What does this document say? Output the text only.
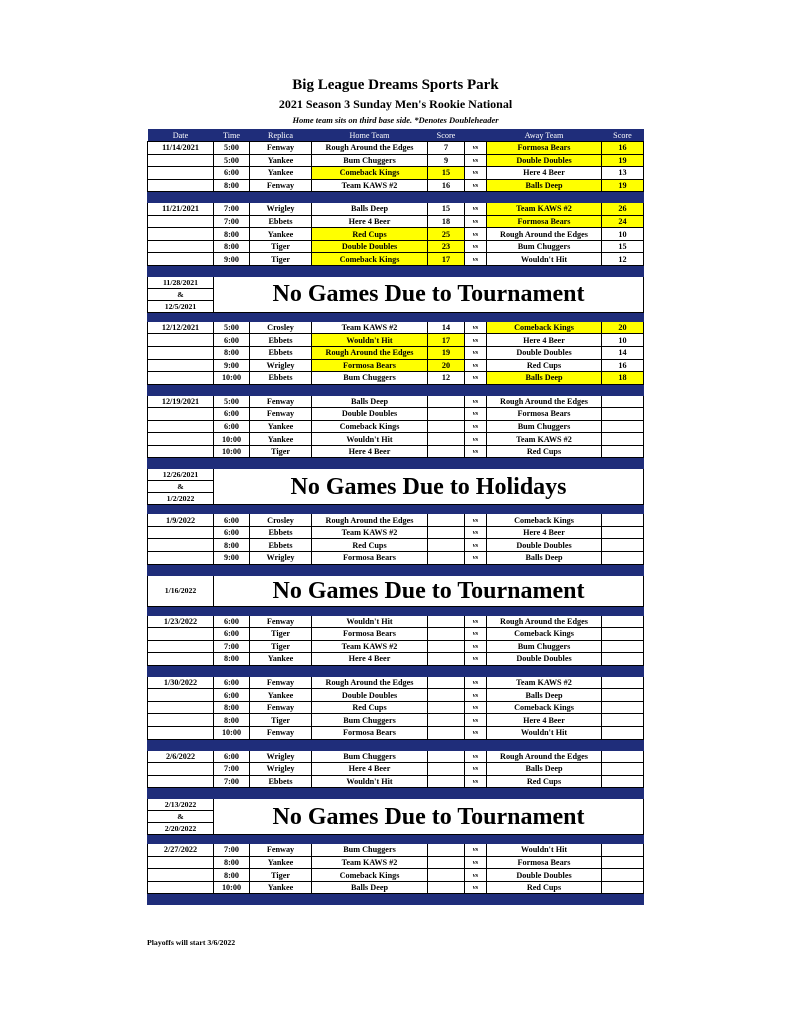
Big League Dreams Sports Park
2021 Season 3 Sunday Men's Rookie National
Home team sits on third base side. *Denotes Doubleheader
Date	Time	Replica	Home Team	Score		Away Team	Score
11/14/2021	5:00	Fenway	Rough Around the Edges	7	vs	Formosa Bears	16
	5:00	Yankee	Bum Chuggers	9	vs	Double Doubles	19
	6:00	Yankee	Comeback Kings	15	vs	Here 4 Beer	13
	8:00	Fenway	Team KAWS #2	16	vs	Balls Deep	19

11/21/2021	7:00	Wrigley	Balls Deep	15	vs	Team KAWS #2	26
	7:00	Ebbets	Here 4 Beer	18	vs	Formosa Bears	24
	8:00	Yankee	Red Cups	25	vs	Rough Around the Edges	10
	8:00	Tiger	Double Doubles	23	vs	Bum Chuggers	15
	9:00	Tiger	Comeback Kings	17	vs	Wouldn't Hit	12

11/28/2021	No Games Due to Tournament						
&							
12/5/2021							

12/12/2021	5:00	Crosley	Team KAWS #2	14	vs	Comeback Kings	20
	6:00	Ebbets	Wouldn't Hit	17	vs	Here 4 Beer	10
	8:00	Ebbets	Rough Around the Edges	19	vs	Double Doubles	14
	9:00	Wrigley	Formosa Bears	20	vs	Red Cups	16
	10:00	Ebbets	Bum Chuggers	12	vs	Balls Deep	18

12/19/2021	5:00	Fenway	Balls Deep		vs	Rough Around the Edges	
	6:00	Fenway	Double Doubles		vs	Formosa Bears	
	6:00	Yankee	Comeback Kings		vs	Bum Chuggers	
	10:00	Yankee	Wouldn't Hit		vs	Team KAWS #2	
	10:00	Tiger	Here 4 Beer		vs	Red Cups	

12/26/2021	No Games Due to Holidays						
&							
1/2/2022							

1/9/2022	6:00	Crosley	Rough Around the Edges		vs	Comeback Kings	
	6:00	Ebbets	Team KAWS #2		vs	Here 4 Beer	
	8:00	Ebbets	Red Cups		vs	Double Doubles	
	9:00	Wrigley	Formosa Bears		vs	Balls Deep	

1/16/2022	No Games Due to Tournament						

1/23/2022	6:00	Fenway	Wouldn't Hit		vs	Rough Around the Edges	
	6:00	Tiger	Formosa Bears		vs	Comeback Kings	
	7:00	Tiger	Team KAWS #2		vs	Bum Chuggers	
	8:00	Yankee	Here 4 Beer		vs	Double Doubles	

1/30/2022	6:00	Fenway	Rough Around the Edges		vs	Team KAWS #2	
	6:00	Yankee	Double Doubles		vs	Balls Deep	
	8:00	Fenway	Red Cups		vs	Comeback Kings	
	8:00	Tiger	Bum Chuggers		vs	Here 4 Beer	
	10:00	Fenway	Formosa Bears		vs	Wouldn't Hit	

2/6/2022	6:00	Wrigley	Bum Chuggers		vs	Rough Around the Edges	
	7:00	Wrigley	Here 4 Beer		vs	Balls Deep	
	7:00	Ebbets	Wouldn't Hit		vs	Red Cups	

2/13/2022	No Games Due to Tournament						
&							
2/20/2022							

2/27/2022	7:00	Fenway	Bum Chuggers		vs	Wouldn't Hit	
	8:00	Yankee	Team KAWS #2		vs	Formosa Bears	
	8:00	Tiger	Comeback Kings		vs	Double Doubles	
	10:00	Yankee	Balls Deep		vs	Red Cups	

Playoffs will start 3/6/2022
